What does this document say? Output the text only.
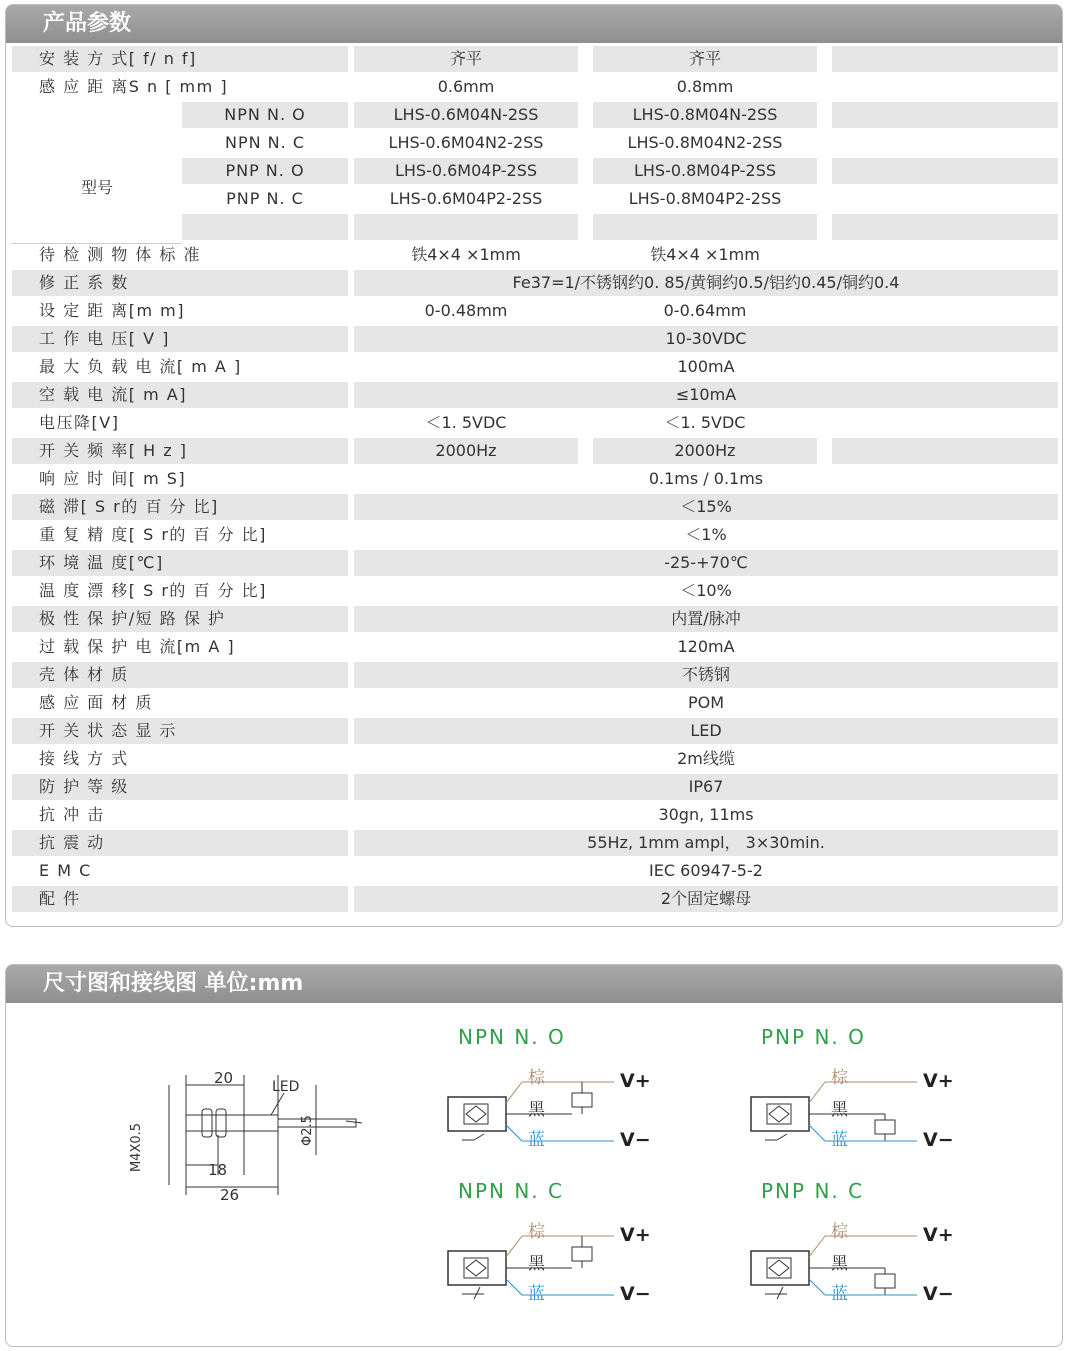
产品参数
安 装 方 式[ f/ n f]	齐平	齐平
感 应 距 离S n [ mm ]	0.6mm	0.8mm
型号
NPN N. O	LHS-0.6M04N-2SS	LHS-0.8M04N-2SS
NPN N. C	LHS-0.6M04N2-2SS	LHS-0.8M04N2-2SS
PNP N. O	LHS-0.6M04P-2SS	LHS-0.8M04P-2SS
PNP N. C	LHS-0.6M04P2-2SS	LHS-0.8M04P2-2SS
待 检 测 物 体 标 准	铁4×4 ×1mm	铁4×4 ×1mm
修 正 系 数	Fe37=1/不锈钢约0. 85/黄铜约0.5/铝约0.45/铜约0.4
设 定 距 离[m m]	0-0.48mm	0-0.64mm
工 作 电 压[ V ]	10-30VDC
最 大 负 载 电 流[ m A ]	100mA
空 载 电 流[ m A]	≤10mA
电压降[V]	＜1. 5VDC	＜1. 5VDC
开 关 频 率[ H z ]	2000Hz	2000Hz
响 应 时 间[ m S]	0.1ms / 0.1ms
磁 滞[ S r的 百 分 比]	＜15%
重 复 精 度[ S r的 百 分 比]	＜1%
环 境 温 度[℃]	-25-+70℃
温 度 漂 移[ S r的 百 分 比]	＜10%
极 性 保 护/短 路 保 护	内置/脉冲
过 载 保 护 电 流[m A ]	120mA
壳 体 材 质	不锈钢
感 应 面 材 质	POM
开 关 状 态 显 示	LED
接 线 方 式	2m线缆
防 护 等 级	IP67
抗 冲 击	30gn, 11ms
抗 震 动	55Hz, 1mm ampl， 3×30min.
E M C	IEC 60947-5-2
配 件	2个固定螺母
尺寸图和接线图 单位:mm
20
18
26
LED
M4X0.5	Φ2.5
NPN N. O
棕
黑
蓝
V+
V−
PNP N. O
棕
黑
蓝
V+
V−
NPN N. C
棕
黑
蓝
V+
V−
PNP N. C
棕
黑
蓝
V+
V−
